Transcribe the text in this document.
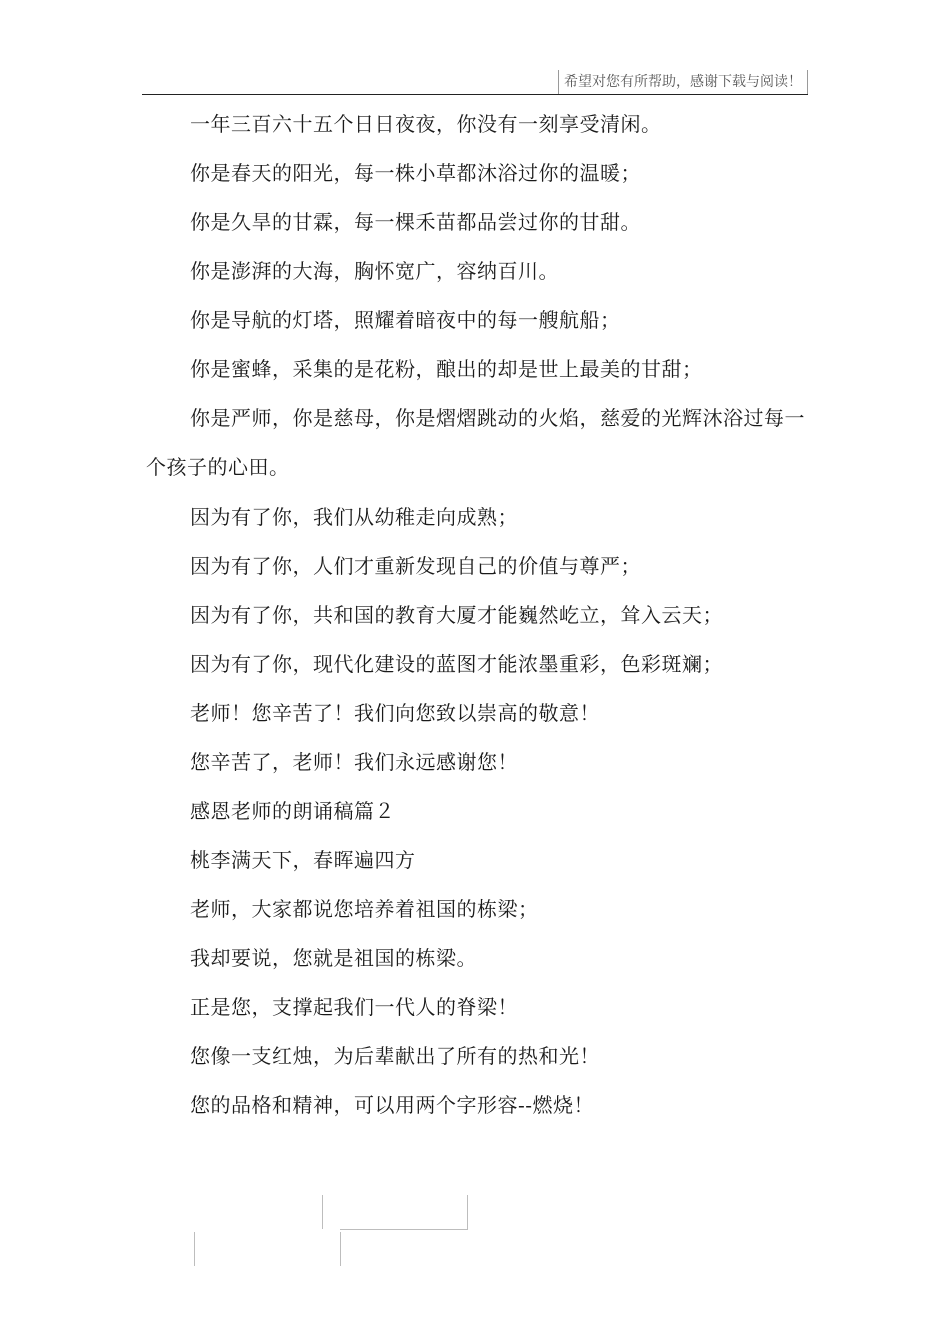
希望对您有所帮助，感谢下载与阅读！

一年三百六十五个日日夜夜，你没有一刻享受清闲。

你是春天的阳光，每一株小草都沐浴过你的温暖；

你是久旱的甘霖，每一棵禾苗都品尝过你的甘甜。

你是澎湃的大海，胸怀宽广，容纳百川。

你是导航的灯塔，照耀着暗夜中的每一艘航船；

你是蜜蜂，采集的是花粉，酿出的却是世上最美的甘甜；

你是严师，你是慈母，你是熠熠跳动的火焰，慈爱的光辉沐浴过每一个孩子的心田。

因为有了你，我们从幼稚走向成熟；

因为有了你，人们才重新发现自己的价值与尊严；

因为有了你，共和国的教育大厦才能巍然屹立，耸入云天；

因为有了你，现代化建设的蓝图才能浓墨重彩，色彩斑斓；

老师！您辛苦了！我们向您致以崇高的敬意！

您辛苦了，老师！我们永远感谢您！

感恩老师的朗诵稿篇２

桃李满天下，春晖遍四方

老师，大家都说您培养着祖国的栋梁；

我却要说，您就是祖国的栋梁。

正是您，支撑起我们一代人的脊梁！

您像一支红烛，为后辈献出了所有的热和光！

您的品格和精神，可以用两个字形容--燃烧！
